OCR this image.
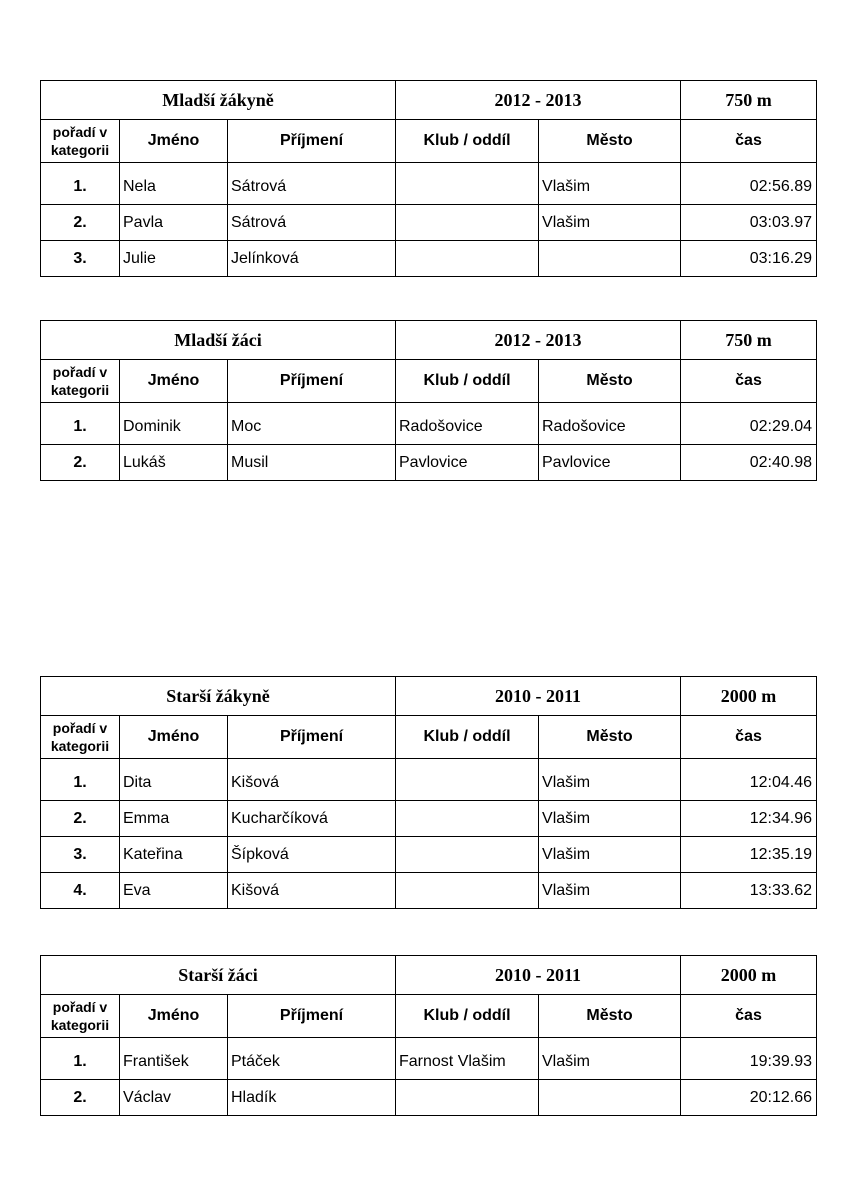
Mladší žákyně			2012 - 2013		750 m
pořadí v kategorii	Jméno	Příjmení	Klub / oddíl	Město	čas
1.	Nela	Sátrová		Vlašim	02:56.89
2.	Pavla	Sátrová		Vlašim	03:03.97
3.	Julie	Jelínková			03:16.29
Mladší žáci			2012 - 2013		750 m
pořadí v kategorii	Jméno	Příjmení	Klub / oddíl	Město	čas
1.	Dominik	Moc	Radošovice	Radošovice	02:29.04
2.	Lukáš	Musil	Pavlovice	Pavlovice	02:40.98
Starší žákyně			2010 - 2011		2000 m
pořadí v kategorii	Jméno	Příjmení	Klub / oddíl	Město	čas
1.	Dita	Kišová		Vlašim	12:04.46
2.	Emma	Kucharčíková		Vlašim	12:34.96
3.	Kateřina	Šípková		Vlašim	12:35.19
4.	Eva	Kišová		Vlašim	13:33.62
Starší žáci			2010 - 2011		2000 m
pořadí v kategorii	Jméno	Příjmení	Klub / oddíl	Město	čas
1.	František	Ptáček	Farnost Vlašim	Vlašim	19:39.93
2.	Václav	Hladík			20:12.66
